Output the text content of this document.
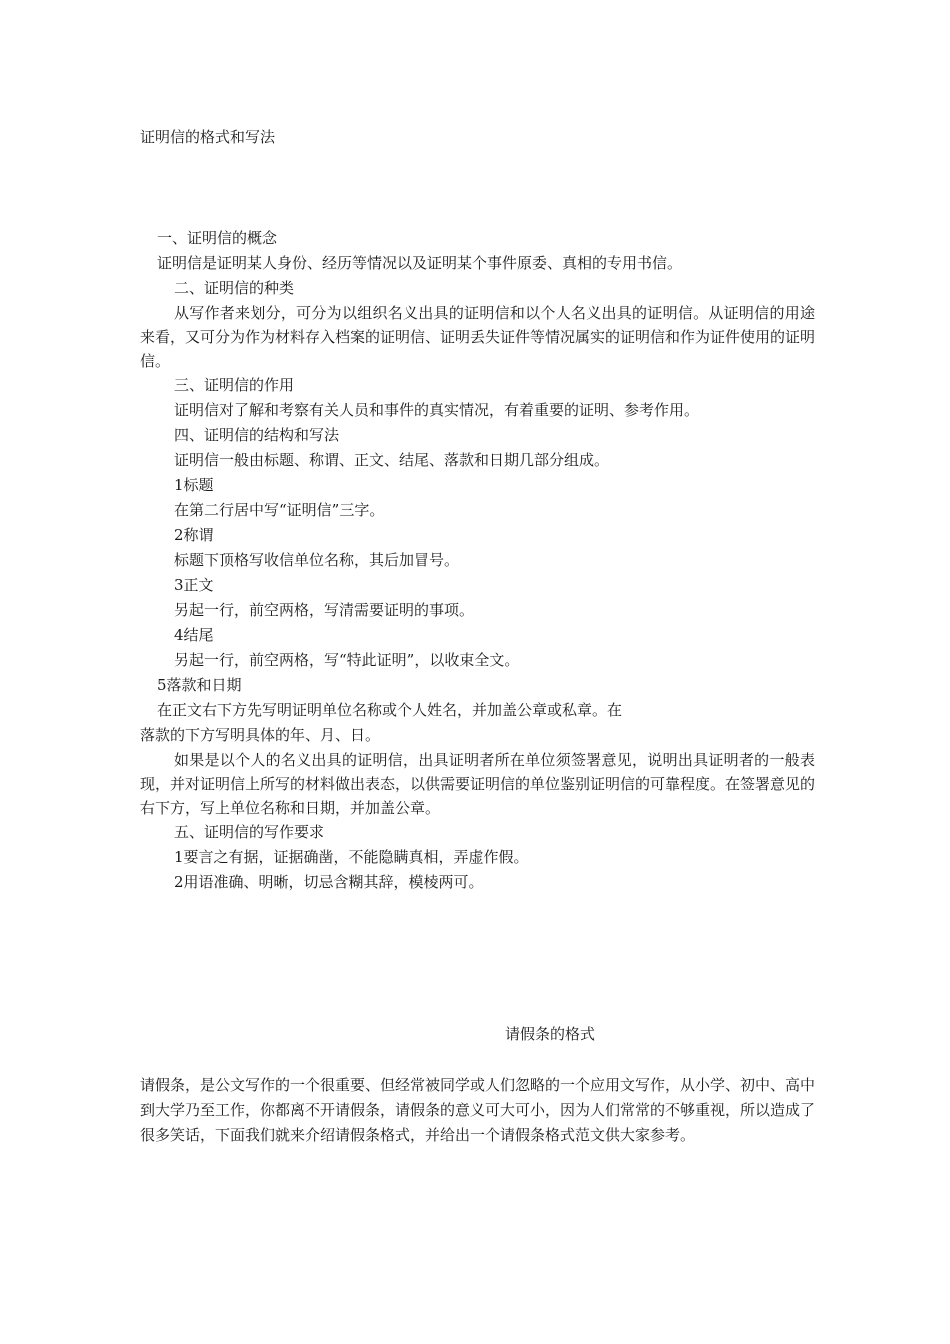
证明信的格式和写法
一、证明信的概念
证明信是证明某人身份、经历等情况以及证明某个事件原委、真相的专用书信。
二、证明信的种类

从写作者来划分，可分为以组织名义出具的证明信和以个人名义出具的证明信。从证明信的用途来看，又可分为作为材料存入档案的证明信、证明丢失证件等情况属实的证明信和作为证件使用的证明信。

三、证明信的作用
证明信对了解和考察有关人员和事件的真实情况，有着重要的证明、参考作用。
四、证明信的结构和写法
证明信一般由标题、称谓、正文、结尾、落款和日期几部分组成。
1标题
在第二行居中写“证明信”三字。
2称谓
标题下顶格写收信单位名称，其后加冒号。
3正文
另起一行，前空两格，写清需要证明的事项。
4结尾
另起一行，前空两格，写“特此证明”，以收束全文。
5落款和日期
在正文右下方先写明证明单位名称或个人姓名，并加盖公章或私章。在
落款的下方写明具体的年、月、日。

如果是以个人的名义出具的证明信，出具证明者所在单位须签署意见，说明出具证明者的一般表现，并对证明信上所写的材料做出表态，以供需要证明信的单位鉴别证明信的可靠程度。在签署意见的右下方，写上单位名称和日期，并加盖公章。

五、证明信的写作要求
1要言之有据，证据确凿，不能隐瞒真相，弄虚作假。
2用语准确、明晰，切忌含糊其辞，模棱两可。
请假条的格式

请假条，是公文写作的一个很重要、但经常被同学或人们忽略的一个应用文写作，从小学、初中、高中到大学乃至工作，你都离不开请假条，请假条的意义可大可小，因为人们常常的不够重视，所以造成了很多笑话，下面我们就来介绍请假条格式，并给出一个请假条格式范文供大家参考。
